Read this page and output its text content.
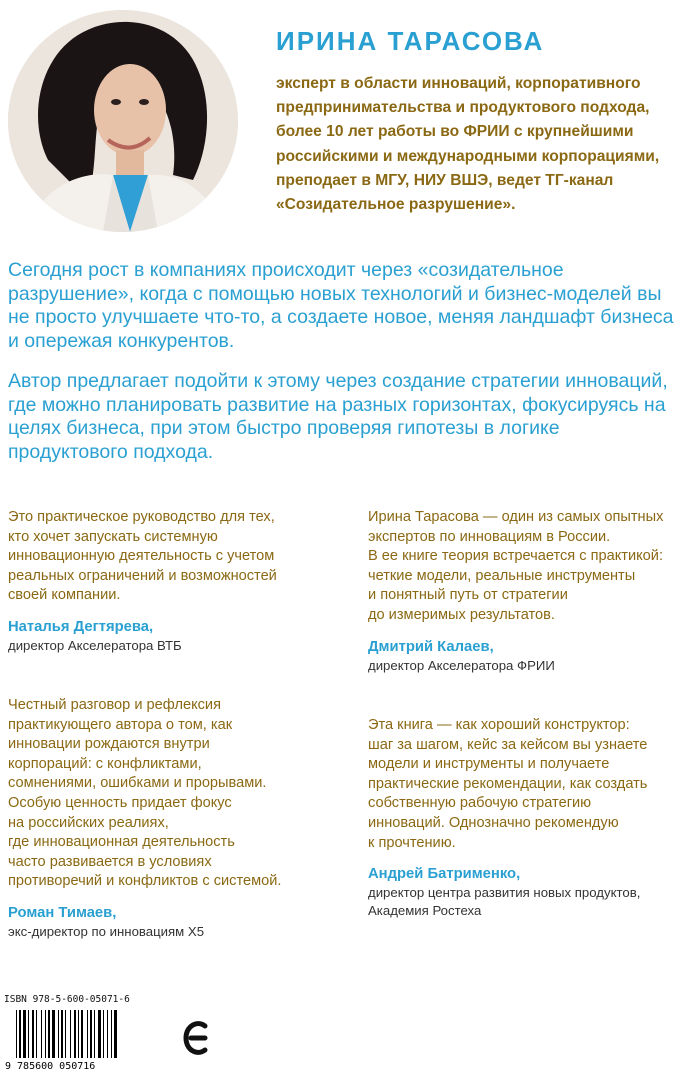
ИРИНА ТАРАСОВА
эксперт в области инноваций, корпоративного предпринимательства и продуктового подхода, более 10 лет работы во ФРИИ с крупнейшими российскими и международными корпорациями, преподает в МГУ, НИУ ВШЭ, ведет ТГ-канал «Созидательное разрушение».
Сегодня рост в компаниях происходит через «созидательное разрушение», когда с помощью новых технологий и бизнес-моделей вы не просто улучшаете что-то, а создаете новое, меняя ландшафт бизнеса и опережая конкурентов.
Автор предлагает подойти к этому через создание стратегии инноваций, где можно планировать развитие на разных горизонтах, фокусируясь на целях бизнеса, при этом быстро проверяя гипотезы в логике продуктового подхода.
Это практическое руководство для тех,
кто хочет запускать системную
инновационную деятельность с учетом
реальных ограничений и возможностей
своей компании.
Наталья Дегтярева,
директор Акселератора ВТБ
Ирина Тарасова — один из самых опытных
экспертов по инновациям в России.
В ее книге теория встречается с практикой:
четкие модели, реальные инструменты
и понятный путь от стратегии
до измеримых результатов.
Дмитрий Калаев,
директор Акселератора ФРИИ
Честный разговор и рефлексия
практикующего автора о том, как
инновации рождаются внутри
корпораций: с конфликтами,
сомнениями, ошибками и прорывами.
Особую ценность придает фокус
на российских реалиях,
где инновационная деятельность
часто развивается в условиях
противоречий и конфликтов с системой.
Роман Тимаев,
экс-директор по инновациям X5
Эта книга — как хороший конструктор:
шаг за шагом, кейс за кейсом вы узнаете
модели и инструменты и получаете
практические рекомендации, как создать
собственную рабочую стратегию
инноваций. Однозначно рекомендую
к прочтению.
Андрей Батрименко,
директор центра развития новых продуктов,
Академия Ростеха
ISBN 978-5-600-05071-6
9 785600 050716
